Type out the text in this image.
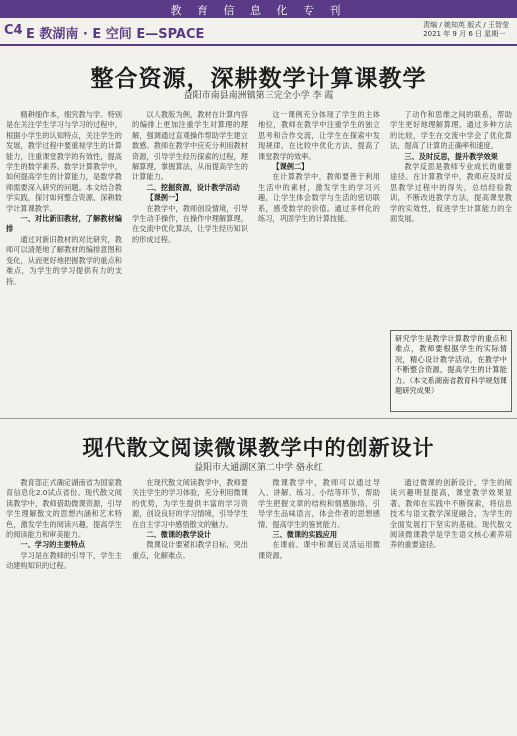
教 育 信 息 化 专 刊
C4 E 教湖南 · E 空间 E—SPACE
责编 / 姚知英 版式 / 王智莹
2021 年 9 月 6 日 星期一
整合资源，深耕数学计算课教学
益阳市南县南洲镇第三完全小学 李 霞

精耕细作本，细究教与学。特别是在关注学生学习与学习的过程中，根据小学生的认知特点，关注学生的发展，教学过程中要重视学生的计算能力，注重课堂教学的有效性，提高学生的数学素养。数学计算教学中，如何提高学生的计算能力，是数学教师需要深入研究的问题。本文结合教学实践，探讨如何整合资源，深耕数学计算课教学。

一、对比新旧教材，了解教材编排

通过对新旧教材的对比研究，教师可以清楚地了解教材的编排意图和变化，从而更好地把握教学的重点和难点，为学生的学习提供有力的支持。

以人教版为例，教材在计算内容的编排上更加注重学生对算理的理解，强调通过直观操作帮助学生建立数感。教师在教学中应充分利用教材资源，引导学生经历探索的过程，理解算理，掌握算法，从而提高学生的计算能力。

二、挖掘资源，设计教学活动

【课例一】

在教学中，教师创设情境，引导学生动手操作，在操作中理解算理，在交流中优化算法，让学生经历知识的形成过程。

这一课例充分体现了学生的主体地位，教师在教学中注重学生的独立思考和合作交流，让学生在探索中发现规律，在比较中优化方法，提高了课堂教学的效率。

【课例二】

在计算教学中，教师要善于利用生活中的素材，激发学生的学习兴趣，让学生体会数学与生活的密切联系，感受数学的价值。通过多样化的练习，巩固学生的计算技能。

了动作和思维之间的联系，帮助学生更好地理解算理。通过多种方法的比较，学生在交流中学会了优化算法，提高了计算的正确率和速度。

三、及时反思，提升教学效果

教学反思是教师专业成长的重要途径。在计算教学中，教师应及时反思教学过程中的得失，总结经验教训，不断改进教学方法，提高课堂教学的实效性，促进学生计算能力的全面发展。

研究学生是教学计算教学的重点和难点，教师要根据学生的实际情况，精心设计教学活动，在教学中不断整合资源，提高学生的计算能力。（本文系湖南省教育科学规划课题研究成果）
现代散文阅读微课教学中的创新设计
益阳市大通湖区第二中学 骆永红

教育部正式确定湖南省为国家教育信息化2.0试点省份。现代散文阅读教学中，教师借助微课资源，引导学生理解散文的思想内涵和艺术特色，激发学生的阅读兴趣，提高学生的阅读能力和审美能力。

一、学习的主要特点

学习是在教师的引导下，学生主动建构知识的过程。

在现代散文阅读教学中，教师要关注学生的学习体验，充分利用微课的优势，为学生提供丰富的学习资源，创设良好的学习情境，引导学生在自主学习中感悟散文的魅力。

二、微课的教学设计

微课设计要紧扣教学目标，突出重点，化解难点。

微课教学中，教师可以通过导入、讲解、练习、小结等环节，帮助学生把握文章的结构和情感脉络，引导学生品味语言，体会作者的思想感情，提高学生的鉴赏能力。

三、微课的实践应用

在课前、课中和课后灵活运用微课资源。

通过微课的创新设计，学生的阅读兴趣明显提高，课堂教学效果显著。教师在实践中不断探索，将信息技术与语文教学深度融合，为学生的全面发展打下坚实的基础。现代散文阅读微课教学是学生语文核心素养培养的重要途径。
